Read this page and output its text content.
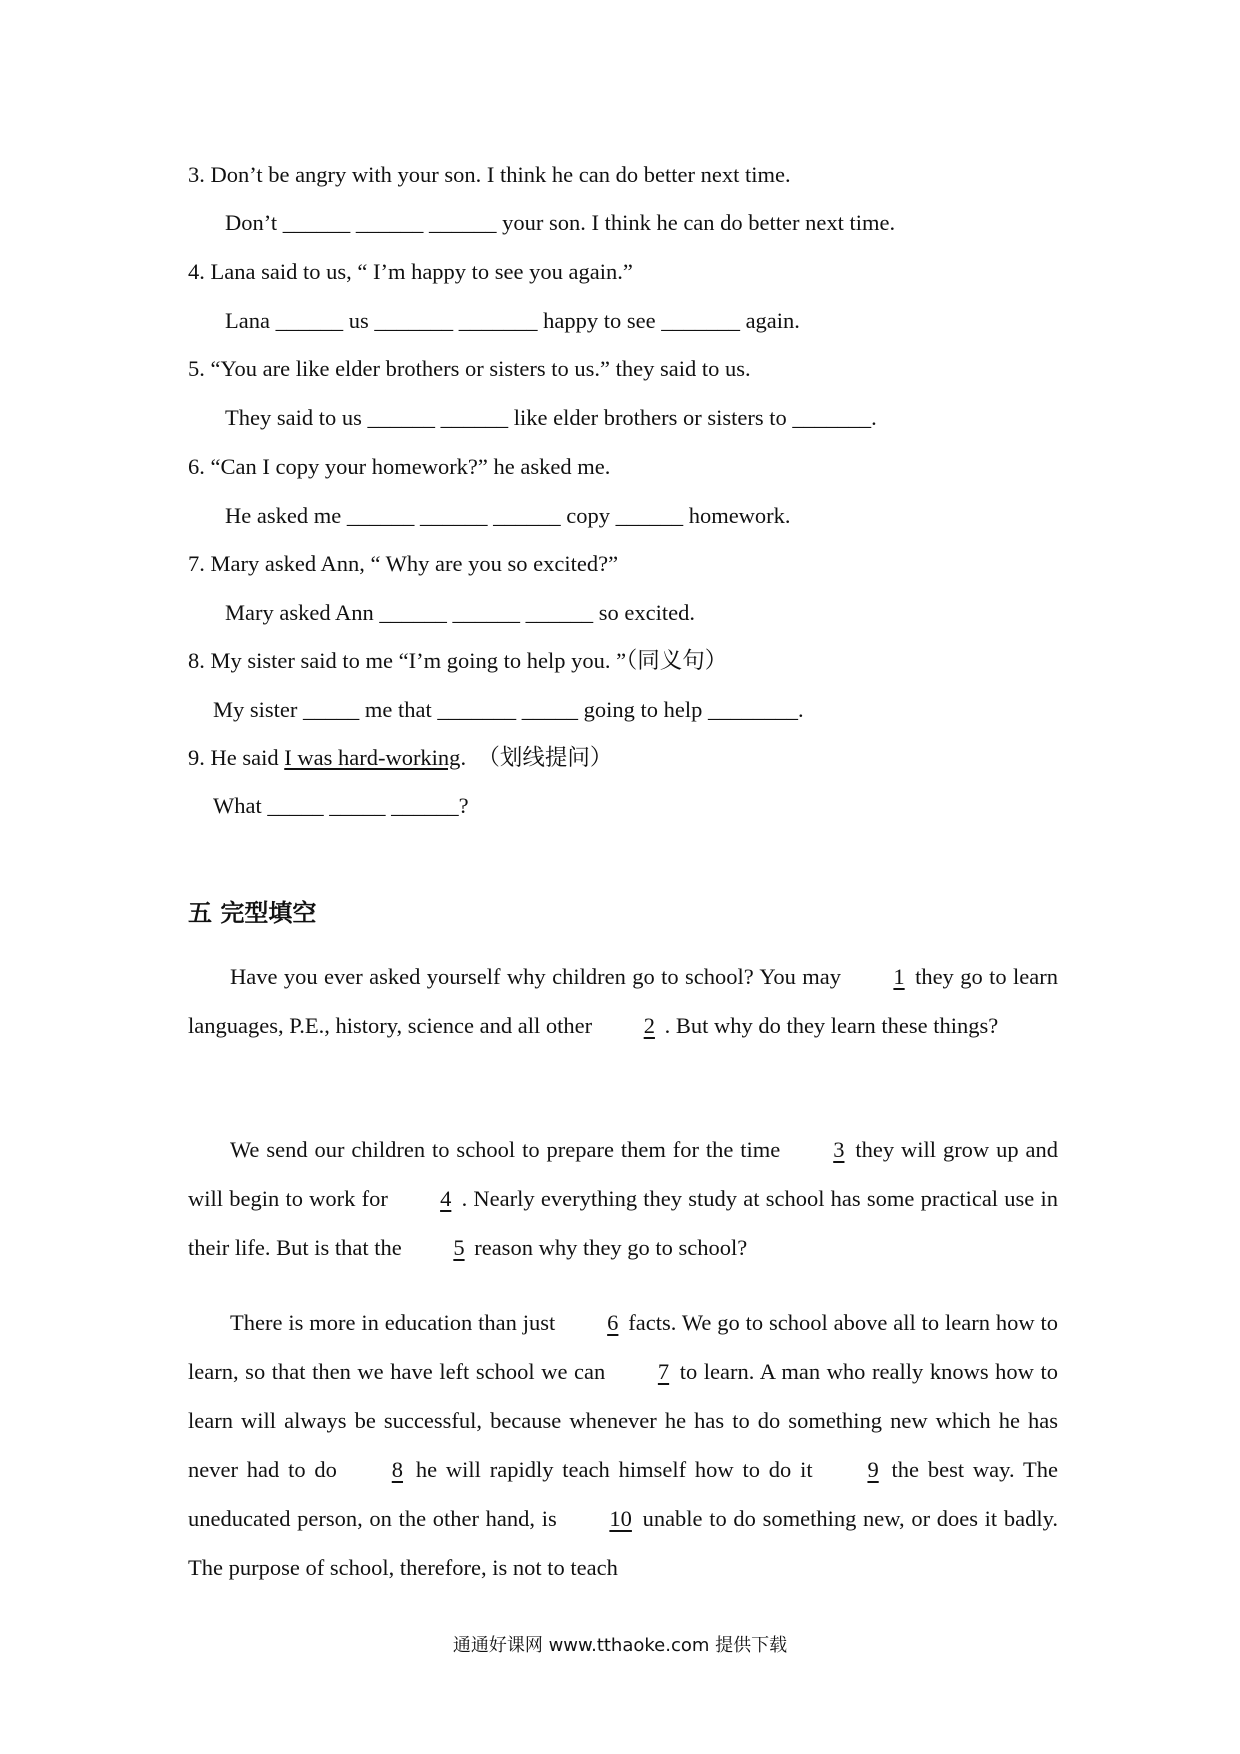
3. Don’t be angry with your son. I think he can do better next time.
Don’t ______ ______ ______ your son. I think he can do better next time.
4. Lana said to us, “ I’m happy to see you again.”
Lana ______ us _______ _______ happy to see _______ again.
5. “You are like elder brothers or sisters to us.” they said to us.
They said to us ______ ______ like elder brothers or sisters to _______.
6. “Can I copy your homework?” he asked me.
He asked me ______ ______ ______ copy ______ homework.
7. Mary asked Ann, “ Why are you so excited?”
Mary asked Ann ______ ______ ______ so excited.
8. My sister said to me “I’m going to help you. ”（同义句）
My sister _____ me that _______ _____ going to help ________.
9. He said I was hard-working.  （划线提问）
What _____ _____ ______?
五 完型填空
Have you ever asked yourself why children go to school? You may 1 they go to learn languages, P.E., history, science and all other 2 . But why do they learn these things?
We send our children to school to prepare them for the time 3 they will grow up and will begin to work for 4 . Nearly everything they study at school has some practical use in their life. But is that the 5 reason why they go to school?
There is more in education than just 6 facts. We go to school above all to learn how to learn, so that then we have left school we can 7 to learn. A man who really knows how to learn will always be successful, because whenever he has to do something new which he has never had to do 8 he will rapidly teach himself how to do it 9 the best way. The uneducated person, on the other hand, is 10 unable to do something new, or does it badly. The purpose of school, therefore, is not to teach
通通好课网 www.tthaoke.com 提供下载
